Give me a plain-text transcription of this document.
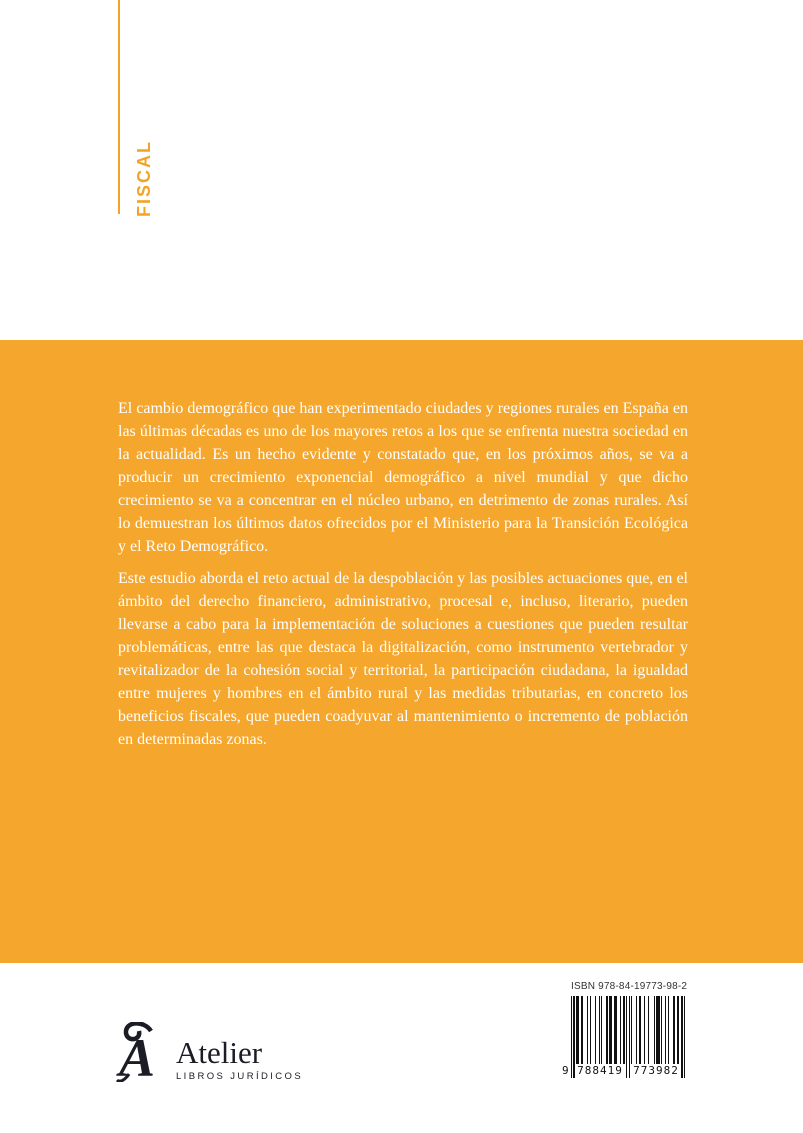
FISCAL

El cambio demográfico que han experimentado ciudades y regiones rurales en España en las últimas décadas es uno de los mayores retos a los que se enfrenta nuestra sociedad en la actualidad. Es un hecho evidente y constatado que, en los próximos años, se va a producir un crecimiento exponencial demográfico a nivel mundial y que dicho crecimiento se va a concentrar en el núcleo urbano, en detrimento de zonas rurales. Así lo demuestran los últimos datos ofrecidos por el Ministerio para la Transición Ecológica y el Reto Demográfico.

Este estudio aborda el reto actual de la despoblación y las posibles actuaciones que, en el ámbito del derecho financiero, administrativo, procesal e, incluso, literario, pueden llevarse a cabo para la implementación de soluciones a cuestiones que pueden resultar problemáticas, entre las que destaca la digitalización, como instrumento vertebrador y revitalizador de la cohesión social y territorial, la participación ciudadana, la igualdad entre mujeres y hombres en el ámbito rural y las medidas tributarias, en concreto los beneficios fiscales, que pueden coadyuvar al mantenimiento o incremento de población en determinadas zonas.

A Atelier
LIBROS JURÍDICOS
ISBN 978-84-19773-98-2
9 788419 773982
